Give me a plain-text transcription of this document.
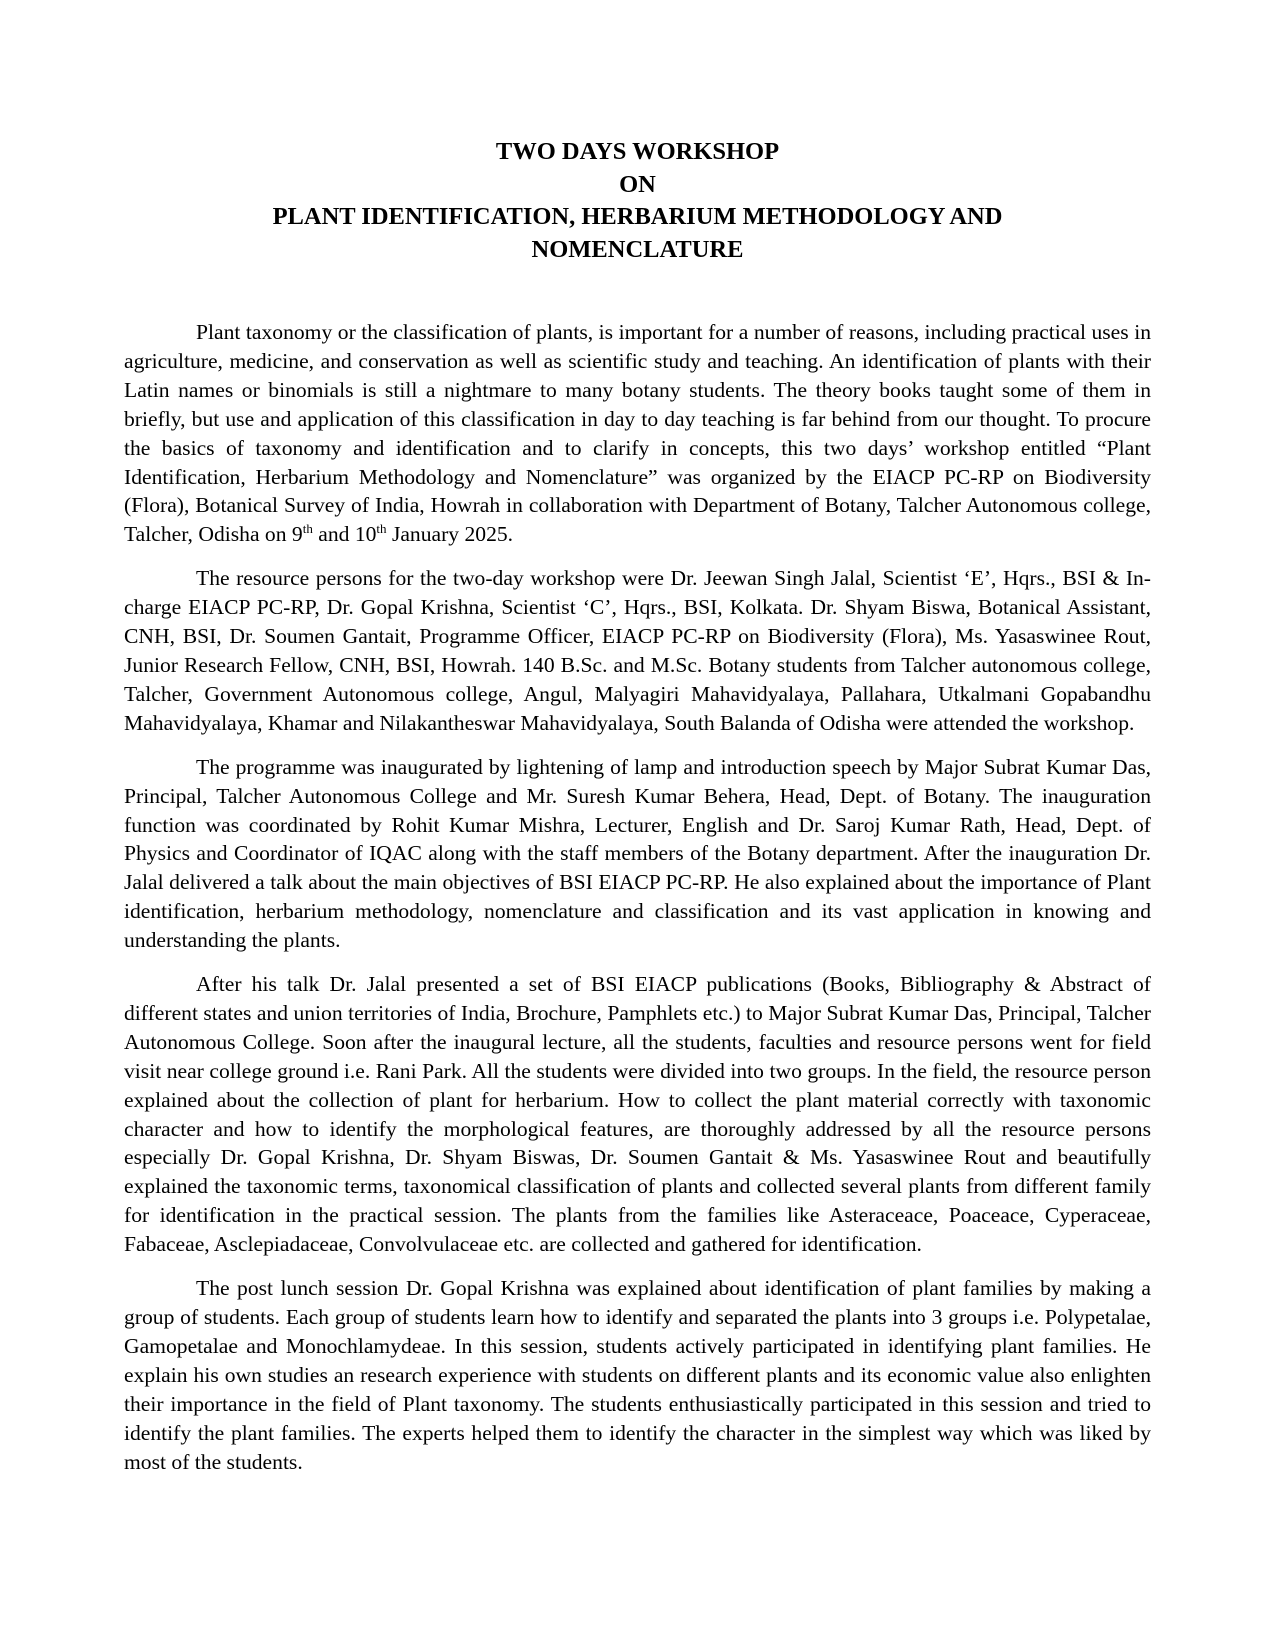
TWO DAYS WORKSHOP

ON

PLANT IDENTIFICATION, HERBARIUM METHODOLOGY AND

NOMENCLATURE

Plant taxonomy or the classification of plants, is important for a number of reasons, including practical uses in agriculture, medicine, and conservation as well as scientific study and teaching. An identification of plants with their Latin names or binomials is still a nightmare to many botany students. The theory books taught some of them in briefly, but use and application of this classification in day to day teaching is far behind from our thought. To procure the basics of taxonomy and identification and to clarify in concepts, this two days’ workshop entitled “Plant Identification, Herbarium Methodology and Nomenclature” was organized by the EIACP PC-RP on Biodiversity (Flora), Botanical Survey of India, Howrah in collaboration with Department of Botany, Talcher Autonomous college, Talcher, Odisha on 9th and 10th January 2025.

The resource persons for the two-day workshop were Dr. Jeewan Singh Jalal, Scientist ‘E’, Hqrs., BSI & In-charge EIACP PC-RP, Dr. Gopal Krishna, Scientist ‘C’, Hqrs., BSI, Kolkata. Dr. Shyam Biswa, Botanical Assistant, CNH, BSI, Dr. Soumen Gantait, Programme Officer, EIACP PC-RP on Biodiversity (Flora), Ms. Yasaswinee Rout, Junior Research Fellow, CNH, BSI, Howrah. 140 B.Sc. and M.Sc. Botany students from Talcher autonomous college, Talcher, Government Autonomous college, Angul, Malyagiri Mahavidyalaya, Pallahara, Utkalmani Gopabandhu Mahavidyalaya, Khamar and Nilakantheswar Mahavidyalaya, South Balanda of Odisha were attended the workshop.

The programme was inaugurated by lightening of lamp and introduction speech by Major Subrat Kumar Das, Principal, Talcher Autonomous College and Mr. Suresh Kumar Behera, Head, Dept. of Botany. The inauguration function was coordinated by Rohit Kumar Mishra, Lecturer, English and Dr. Saroj Kumar Rath, Head, Dept. of Physics and Coordinator of IQAC along with the staff members of the Botany department. After the inauguration Dr. Jalal delivered a talk about the main objectives of BSI EIACP PC-RP. He also explained about the importance of Plant identification, herbarium methodology, nomenclature and classification and its vast application in knowing and understanding the plants.

After his talk Dr. Jalal presented a set of BSI EIACP publications (Books, Bibliography & Abstract of different states and union territories of India, Brochure, Pamphlets etc.) to Major Subrat Kumar Das, Principal, Talcher Autonomous College. Soon after the inaugural lecture, all the students, faculties and resource persons went for field visit near college ground i.e. Rani Park. All the students were divided into two groups. In the field, the resource person explained about the collection of plant for herbarium. How to collect the plant material correctly with taxonomic character and how to identify the morphological features, are thoroughly addressed by all the resource persons especially Dr. Gopal Krishna, Dr. Shyam Biswas, Dr. Soumen Gantait & Ms. Yasaswinee Rout and beautifully explained the taxonomic terms, taxonomical classification of plants and collected several plants from different family for identification in the practical session. The plants from the families like Asteraceace, Poaceace, Cyperaceae, Fabaceae, Asclepiadaceae, Convolvulaceae etc. are collected and gathered for identification.

The post lunch session Dr. Gopal Krishna was explained about identification of plant families by making a group of students. Each group of students learn how to identify and separated the plants into 3 groups i.e. Polypetalae, Gamopetalae and Monochlamydeae. In this session, students actively participated in identifying plant families. He explain his own studies an research experience with students on different plants and its economic value also enlighten their importance in the field of Plant taxonomy. The students enthusiastically participated in this session and tried to identify the plant families. The experts helped them to identify the character in the simplest way which was liked by most of the students.
